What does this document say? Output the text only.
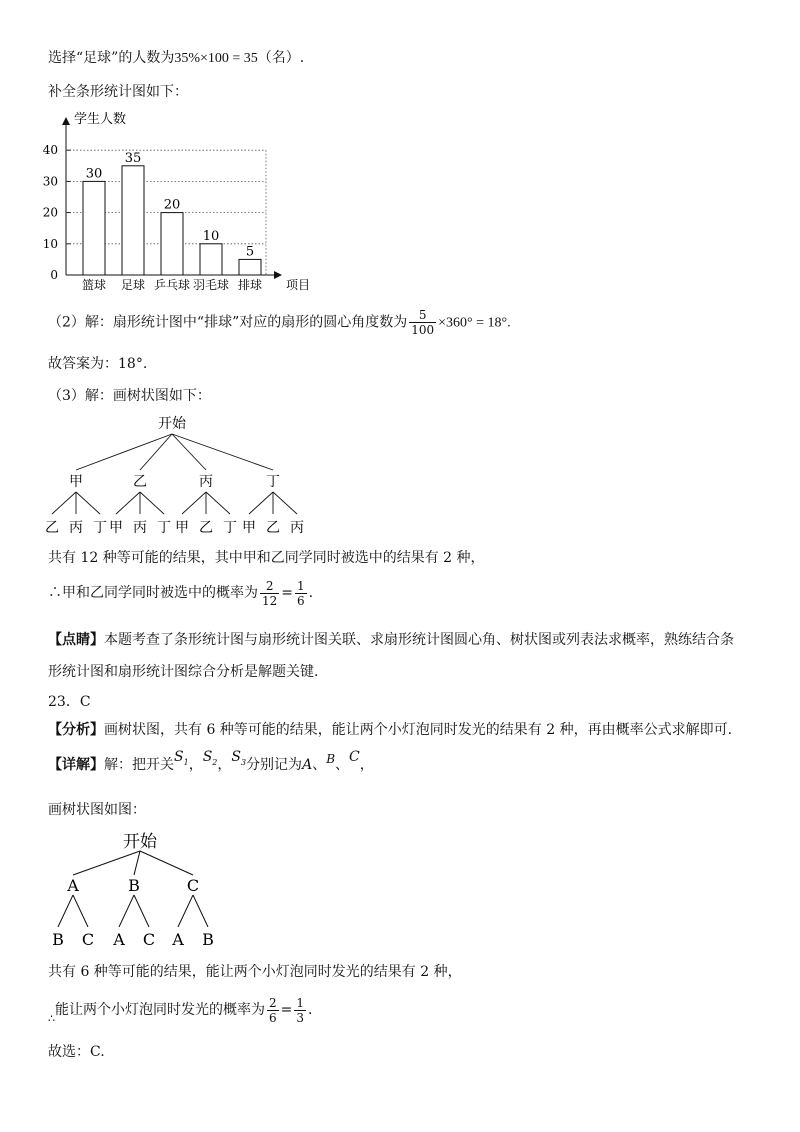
选择“足球”的人数为35%×100 = 35（名）.
补全条形统计图如下：
学生人数
项目
0
10
20
30
40
30
篮球
35
足球
20
乒乓球
10
羽毛球
5
排球
（2）解：扇形统计图中“排球”对应的扇形的圆心角度数为 $\frac{5}{100} \times 360^\circ = 18^\circ$.
故答案为：18°.
（3）解：画树状图如下：
开始
甲
乙 丙 丁
乙
甲 丙 丁
丙
甲 乙 丁
丁
甲 乙 丙
共有 12 种等可能的结果，其中甲和乙同学同时被选中的结果有 2 种，
∴甲和乙同学同时被选中的概率为 $\frac{2}{12} = \frac{1}{6}$ .
【点睛】本题考查了条形统计图与扇形统计图关联、求扇形统计图圆心角、树状图或列表法求概率，熟练结合条
形统计图和扇形统计图综合分析是解题关键.
23．C
【分析】画树状图，共有 6 种等可能的结果，能让两个小灯泡同时发光的结果有 2 种，再由概率公式求解即可.
【详解】解：把开关$S_1$，$S_2$，$S_3$分别记为A、B、C，
画树状图如图：
开始
A
B C
B
A C
C
A B
共有 6 种等可能的结果，能让两个小灯泡同时发光的结果有 2 种，
$_\therefore$能让两个小灯泡同时发光的概率为 $\frac{2}{6} = \frac{1}{3}$ .
故选：C.
